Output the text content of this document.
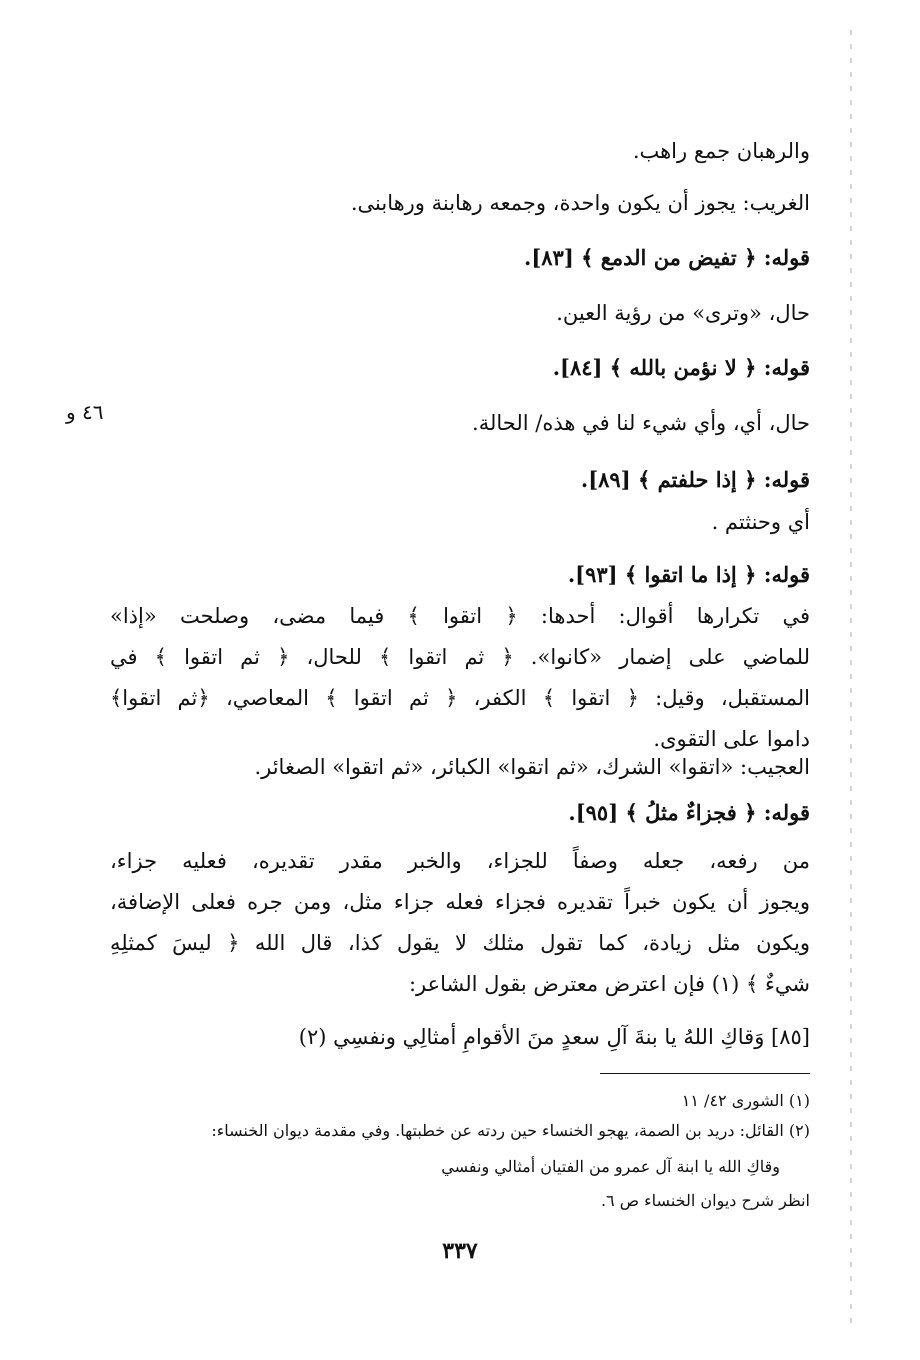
٤٦ و
والرهبان جمع راهب.
الغريب: يجوز أن يكون واحدة، وجمعه رهابنة ورهابنى.
قوله: ﴿ تفيض من الدمع ﴾ [٨٣].
حال، «وترى» من رؤية العين.
قوله: ﴿ لا نؤمن بالله ﴾ [٨٤].
حال، أي، وأي شيء لنا في هذه/ الحالة.
قوله: ﴿ إذا حلفتم ﴾ [٨٩].
أي وحنثتم .
قوله: ﴿ إذا ما اتقوا ﴾ [٩٣].
في تكرارها أقوال: أحدها: ﴿ اتقوا ﴾ فيما مضى، وصلحت «إذا»
للماضي على إضمار «كانوا». ﴿ ثم اتقوا ﴾ للحال، ﴿ ثم اتقوا ﴾ في
المستقبل، وقيل: ﴿ اتقوا ﴾ الكفر، ﴿ ثم اتقوا ﴾ المعاصي، ﴿ثم اتقوا﴾
داموا على التقوى.
العجيب: «اتقوا» الشرك، «ثم اتقوا» الكبائر، «ثم اتقوا» الصغائر.
قوله: ﴿ فجزاءٌ مثلُ ﴾ [٩٥].
من رفعه، جعله وصفاً للجزاء، والخبر مقدر تقديره، فعليه جزاء،
ويجوز أن يكون خبراً تقديره فجزاء فعله جزاء مثل، ومن جره فعلى الإضافة،
ويكون مثل زيادة، كما تقول مثلك لا يقول كذا، قال الله ﴿ ليسَ كمثلِهِ
شيءٌ ﴾ (١) فإن اعترض معترض بقول الشاعر:
[٨٥] وَقاكِ اللهُ يا بنةَ آلِ سعدٍ منَ الأقوامِ أمثالِي ونفسِي (٢)
(١) الشورى ٤٢/ ١١
(٢) القائل: دريد بن الصمة، يهجو الخنساء حين ردته عن خطبتها. وفي مقدمة ديوان الخنساء:
وقاكِ الله يا ابنة آل عمرو من الفتيان أمثالي ونفسي
انظر شرح ديوان الخنساء ص ٦.
٣٣٧
